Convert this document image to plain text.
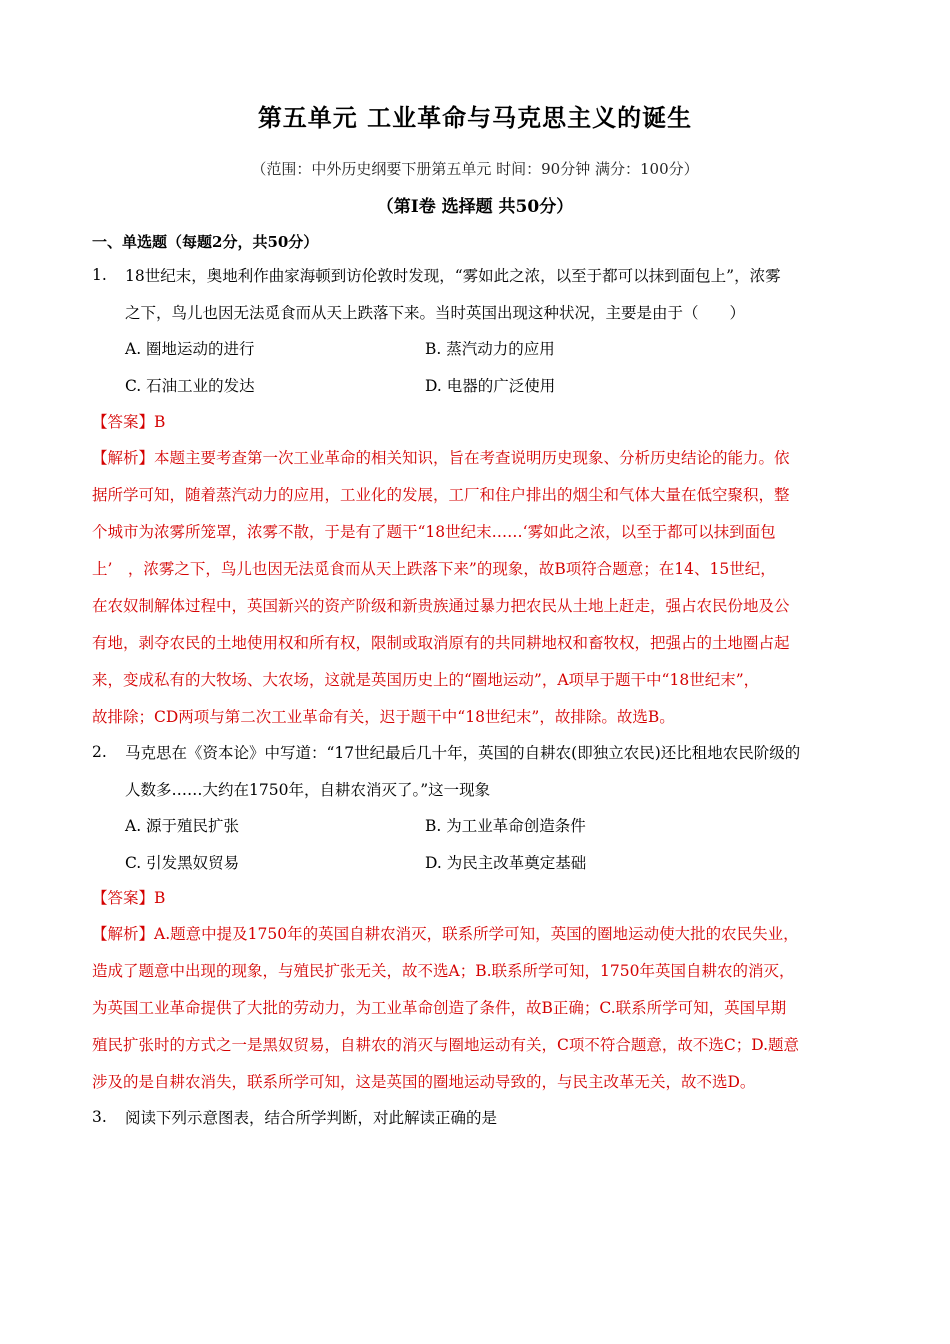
第五单元 工业革命与马克思主义的诞生
（范围：中外历史纲要下册第五单元 时间：90分钟 满分：100分）
（第Ⅰ卷 选择题 共50分）
一、单选题（每题2分，共50分）
1. 18世纪末，奥地利作曲家海顿到访伦敦时发现，“雾如此之浓，以至于都可以抹到面包上”，浓雾
之下，鸟儿也因无法觅食而从天上跌落下来。当时英国出现这种状况，主要是由于（　　）
A. 圈地运动的进行	B. 蒸汽动力的应用
C. 石油工业的发达	D. 电器的广泛使用
【答案】B
【解析】本题主要考查第一次工业革命的相关知识，旨在考查说明历史现象、分析历史结论的能力。依
据所学可知，随着蒸汽动力的应用，工业化的发展，工厂和住户排出的烟尘和气体大量在低空聚积，整
个城市为浓雾所笼罩，浓雾不散，于是有了题干“18世纪末……‘雾如此之浓，以至于都可以抹到面包
上’　，浓雾之下，鸟儿也因无法觅食而从天上跌落下来”的现象，故B项符合题意；在14、15世纪，
在农奴制解体过程中，英国新兴的资产阶级和新贵族通过暴力把农民从土地上赶走，强占农民份地及公
有地，剥夺农民的土地使用权和所有权，限制或取消原有的共同耕地权和畜牧权，把强占的土地圈占起
来，变成私有的大牧场、大农场，这就是英国历史上的“圈地运动”，A项早于题干中“18世纪末”，
故排除；CD两项与第二次工业革命有关，迟于题干中“18世纪末”，故排除。故选B。
2. 马克思在《资本论》中写道：“17世纪最后几十年，英国的自耕农(即独立农民)还比租地农民阶级的
人数多……大约在1750年，自耕农消灭了。”这一现象
A. 源于殖民扩张	B. 为工业革命创造条件
C. 引发黑奴贸易	D. 为民主改革奠定基础
【答案】B
【解析】A.题意中提及1750年的英国自耕农消灭，联系所学可知，英国的圈地运动使大批的农民失业，
造成了题意中出现的现象，与殖民扩张无关，故不选A；B.联系所学可知，1750年英国自耕农的消灭，
为英国工业革命提供了大批的劳动力，为工业革命创造了条件，故B正确；C.联系所学可知，英国早期
殖民扩张时的方式之一是黑奴贸易，自耕农的消灭与圈地运动有关，C项不符合题意，故不选C；D.题意
涉及的是自耕农消失，联系所学可知，这是英国的圈地运动导致的，与民主改革无关，故不选D。
3. 阅读下列示意图表，结合所学判断，对此解读正确的是
